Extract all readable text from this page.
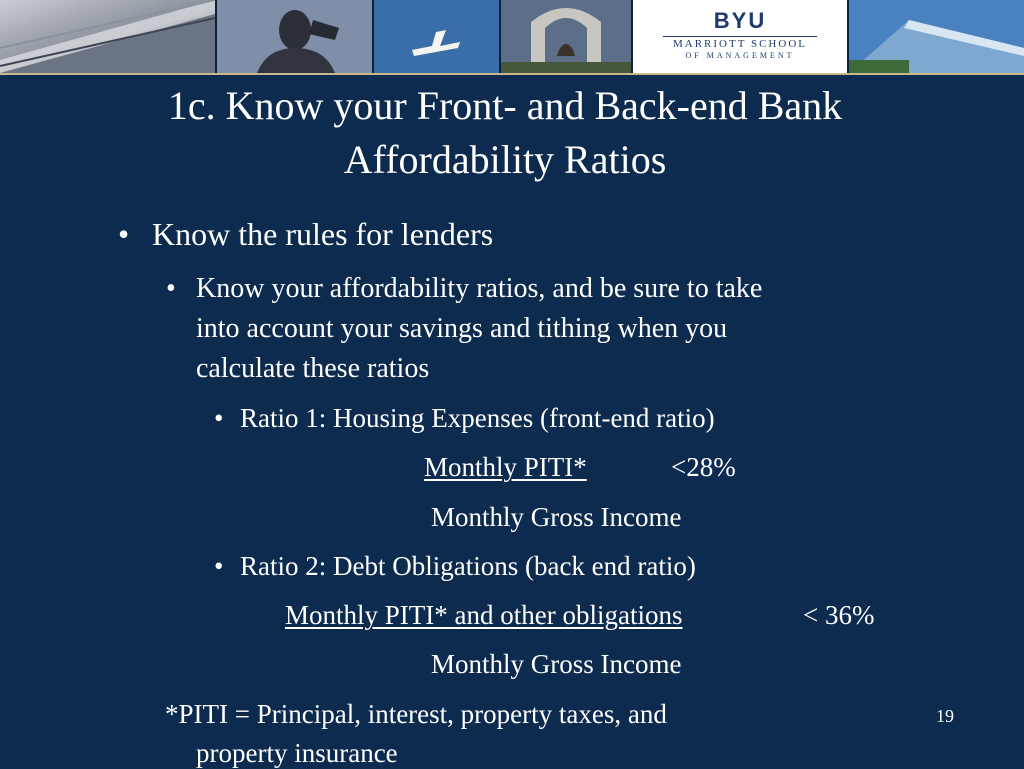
BYU
MARRIOTT SCHOOL
OF MANAGEMENT
1c. Know your Front- and Back-end Bank
Affordability Ratios
• Know the rules for lenders
• Know your affordability ratios, and be sure to take
into account your savings and tithing when you
calculate these ratios
• Ratio 1: Housing Expenses (front-end ratio)
Monthly PITI*	<28%
Monthly Gross Income
• Ratio 2: Debt Obligations (back end ratio)
Monthly PITI* and other obligations	< 36%
Monthly Gross Income
*PITI = Principal, interest, property taxes, and
property insurance
19
